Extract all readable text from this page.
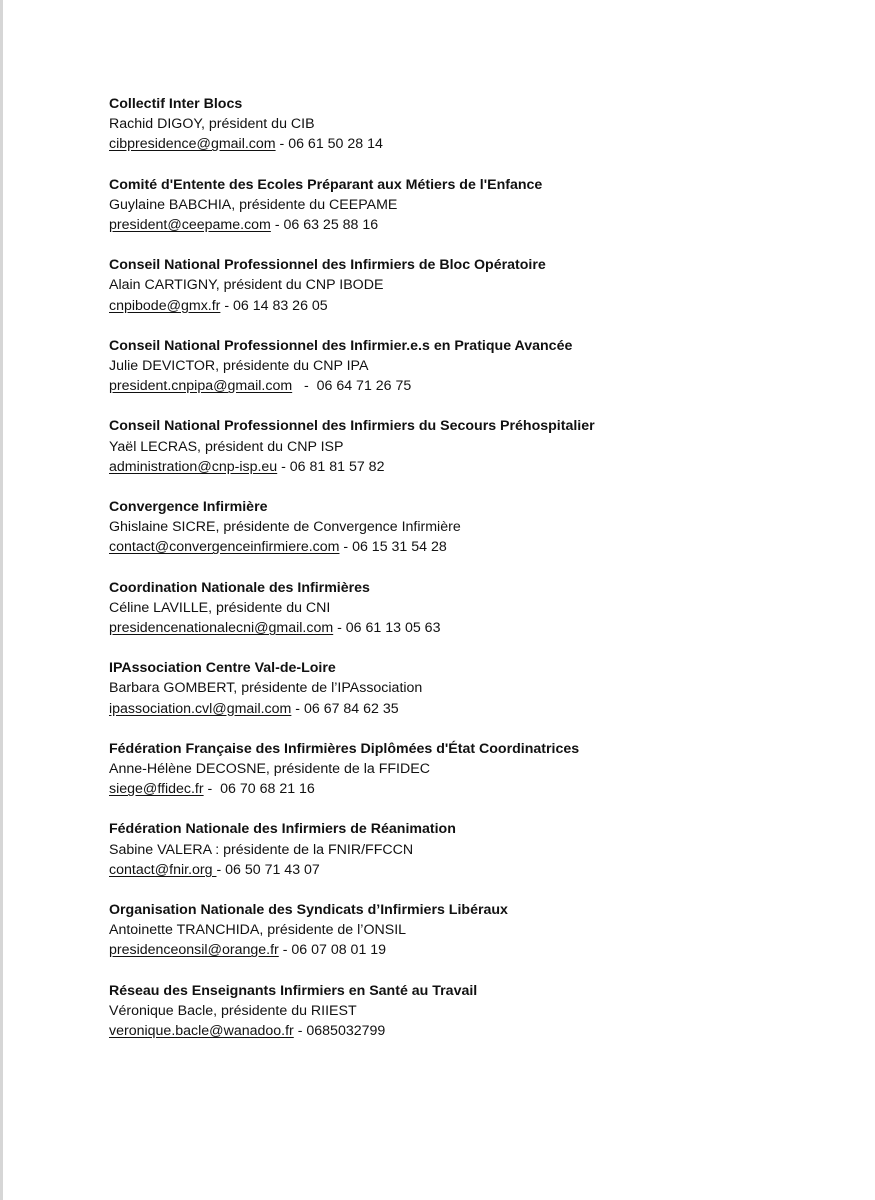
Collectif Inter Blocs
Rachid DIGOY, président du CIB
cibpresidence@gmail.com - 06 61 50 28 14
Comité d'Entente des Ecoles Préparant aux Métiers de l'Enfance
Guylaine BABCHIA, présidente du CEEPAME
president@ceepame.com - 06 63 25 88 16
Conseil National Professionnel des Infirmiers de Bloc Opératoire
Alain CARTIGNY, président du CNP IBODE
cnpibode@gmx.fr - 06 14 83 26 05
Conseil National Professionnel des Infirmier.e.s en Pratique Avancée
Julie DEVICTOR, présidente du CNP IPA
president.cnpipa@gmail.com   -  06 64 71 26 75
Conseil National Professionnel des Infirmiers du Secours Préhospitalier
Yaël LECRAS, président du CNP ISP
administration@cnp-isp.eu - 06 81 81 57 82
Convergence Infirmière
Ghislaine SICRE, présidente de Convergence Infirmière
contact@convergenceinfirmiere.com - 06 15 31 54 28
Coordination Nationale des Infirmières
Céline LAVILLE, présidente du CNI
presidencenationalecni@gmail.com - 06 61 13 05 63
IPAssociation Centre Val-de-Loire
Barbara GOMBERT, présidente de l’IPAssociation
ipassociation.cvl@gmail.com - 06 67 84 62 35
Fédération Française des Infirmières Diplômées d'État Coordinatrices
Anne-Hélène DECOSNE, présidente de la FFIDEC
siege@ffidec.fr -  06 70 68 21 16
Fédération Nationale des Infirmiers de Réanimation
Sabine VALERA : présidente de la FNIR/FFCCN
contact@fnir.org - 06 50 71 43 07
Organisation Nationale des Syndicats d’Infirmiers Libéraux
Antoinette TRANCHIDA, présidente de l’ONSIL
presidenceonsil@orange.fr - 06 07 08 01 19
Réseau des Enseignants Infirmiers en Santé au Travail
Véronique Bacle, présidente du RIIEST
veronique.bacle@wanadoo.fr - 0685032799
